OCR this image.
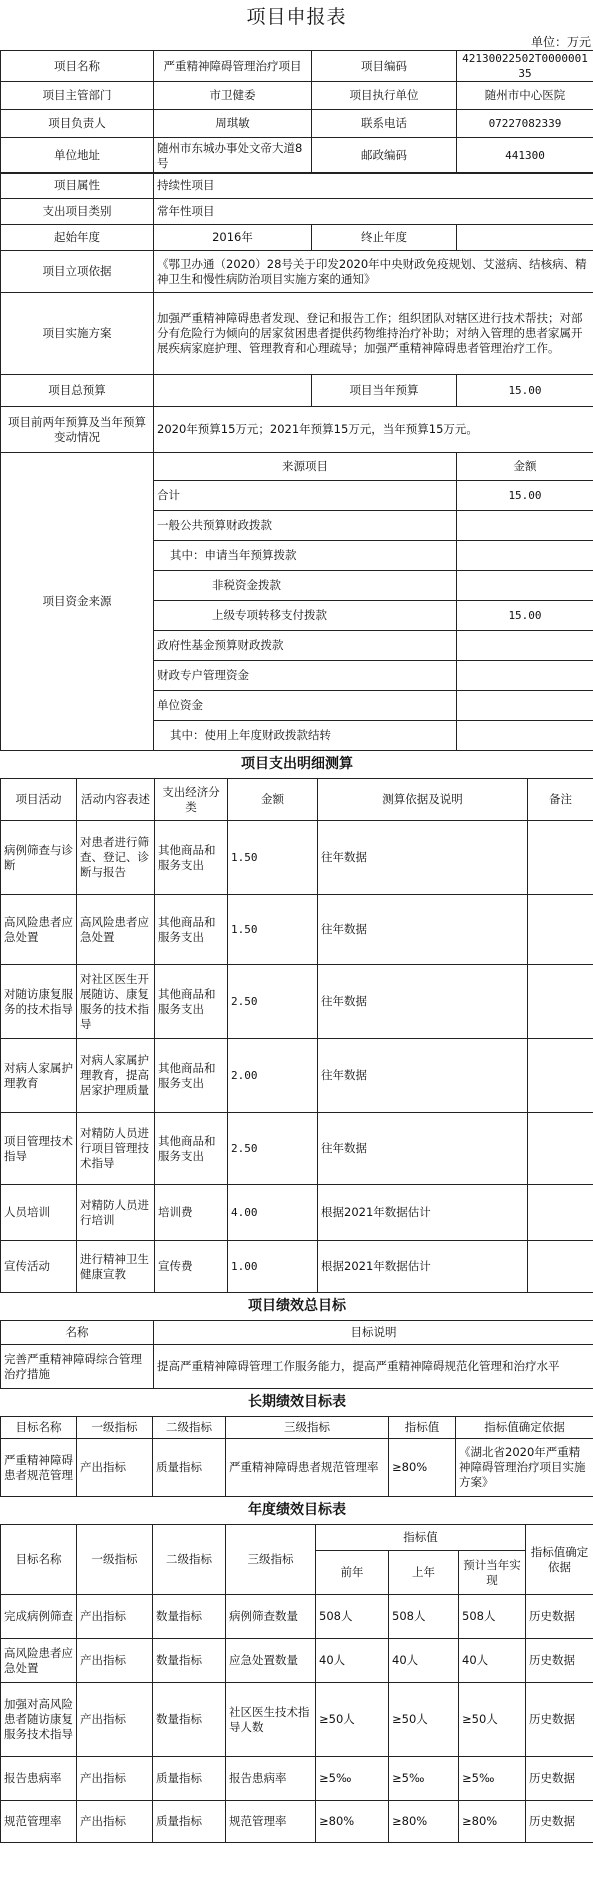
项目申报表
单位：万元
项目名称	严重精神障碍管理治疗项目	项目编码	42130022502T000000135
项目主管部门	市卫健委	项目执行单位	随州市中心医院
项目负责人	周琪敏	联系电话	07227082339
单位地址	随州市东城办事处文帝大道8号	邮政编码	441300
项目属性	持续性项目		
支出项目类别	常年性项目		
起始年度	2016年	终止年度	
项目立项依据	《鄂卫办通（2020）28号关于印发2020年中央财政免疫规划、艾滋病、结核病、精神卫生和慢性病防治项目实施方案的通知》		
项目实施方案	加强严重精神障碍患者发现、登记和报告工作；组织团队对辖区进行技术帮扶；对部分有危险行为倾向的居家贫困患者提供药物维持治疗补助；对纳入管理的患者家属开展疾病家庭护理、管理教育和心理疏导；加强严重精神障碍患者管理治疗工作。		
项目总预算		项目当年预算	15.00
项目前两年预算及当年预算变动情况	2020年预算15万元；2021年预算15万元，当年预算15万元。		
项目资金来源	来源项目	金额
	合计	15.00
	一般公共预算财政拨款	
	其中：申请当年预算拨款	
	非税资金拨款	
	上级专项转移支付拨款	15.00
	政府性基金预算财政拨款	
	财政专户管理资金	
	单位资金	
	其中：使用上年度财政拨款结转	
项目支出明细测算					
项目活动	活动内容表述	支出经济分类	金额	测算依据及说明	备注
病例筛查与诊断	对患者进行筛查、登记、诊断与报告	其他商品和服务支出	1.50	往年数据	
高风险患者应急处置	高风险患者应急处置	其他商品和服务支出	1.50	往年数据	
对随访康复服务的技术指导	对社区医生开展随访、康复服务的技术指导	其他商品和服务支出	2.50	往年数据	
对病人家属护理教育	对病人家属护理教育，提高居家护理质量	其他商品和服务支出	2.00	往年数据	
项目管理技术指导	对精防人员进行项目管理技术指导	其他商品和服务支出	2.50	往年数据	
人员培训	对精防人员进行培训	培训费	4.00	根据2021年数据估计	
宣传活动	进行精神卫生健康宣教	宣传费	1.00	根据2021年数据估计	
项目绩效总目标	
名称	目标说明
完善严重精神障碍综合管理治疗措施	提高严重精神障碍管理工作服务能力，提高严重精神障碍规范化管理和治疗水平
长期绩效目标表					
目标名称	一级指标	二级指标	三级指标	指标值	指标值确定依据
严重精神障碍患者规范管理	产出指标	质量指标	严重精神障碍患者规范管理率	≥80%	《湖北省2020年严重精神障碍管理治疗项目实施方案》
年度绩效目标表							
目标名称	一级指标	二级指标	三级指标	指标值			指标值确定依据
				前年	上年	预计当年实现	
完成病例筛查	产出指标	数量指标	病例筛查数量	508人	508人	508人	历史数据
高风险患者应急处置	产出指标	数量指标	应急处置数量	40人	40人	40人	历史数据
加强对高风险患者随访康复服务技术指导	产出指标	数量指标	社区医生技术指导人数	≥50人	≥50人	≥50人	历史数据
报告患病率	产出指标	质量指标	报告患病率	≥5‰	≥5‰	≥5‰	历史数据
规范管理率	产出指标	质量指标	规范管理率	≥80%	≥80%	≥80%	历史数据
